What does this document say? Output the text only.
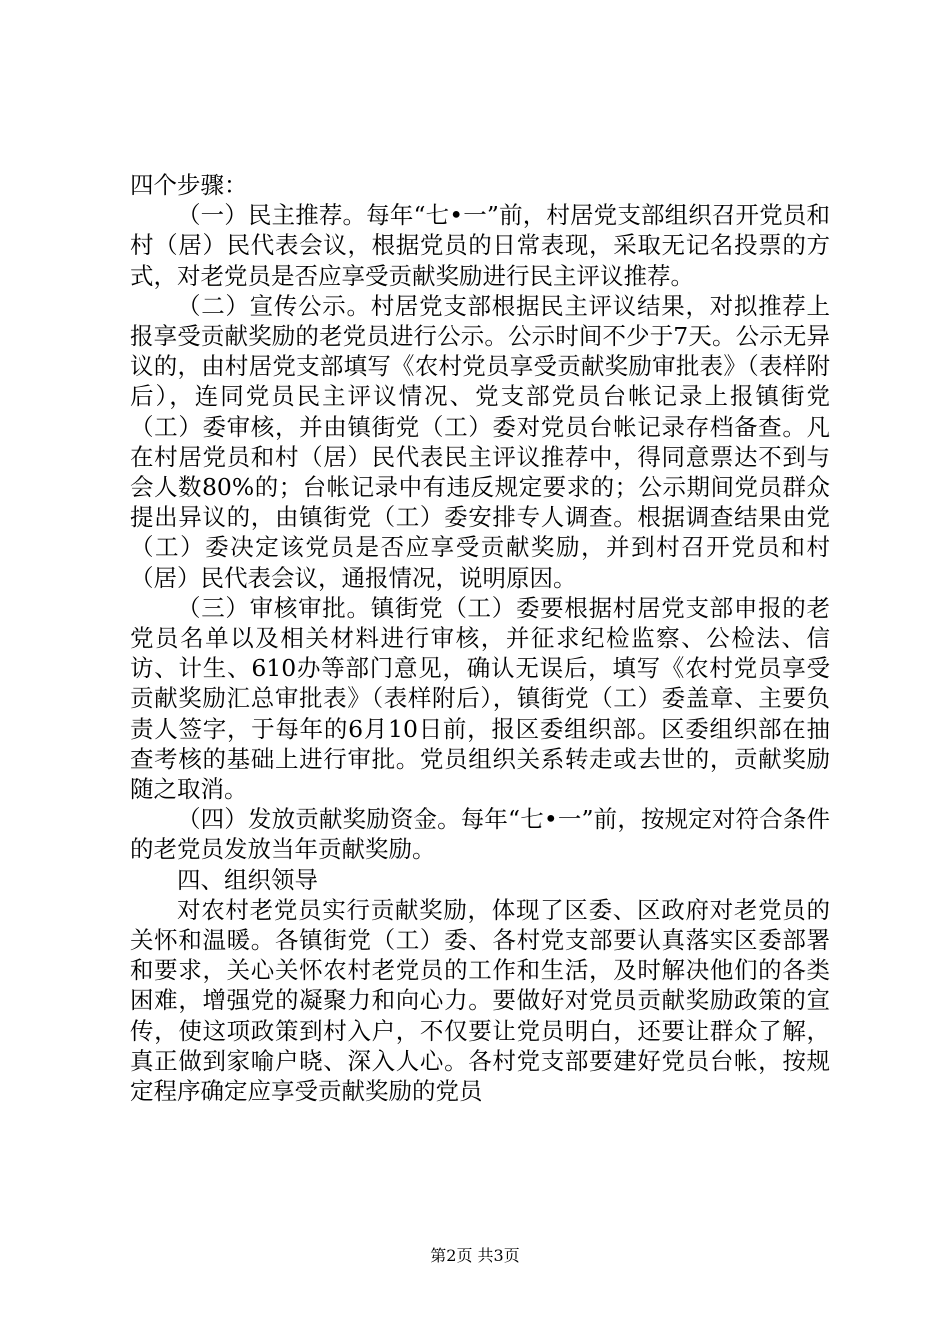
四个步骤：

（一）民主推荐。每年“七•一”前，村居党支部组织召开党员和村（居）民代表会议，根据党员的日常表现，采取无记名投票的方式，对老党员是否应享受贡献奖励进行民主评议推荐。

（二）宣传公示。村居党支部根据民主评议结果，对拟推荐上报享受贡献奖励的老党员进行公示。公示时间不少于7天。公示无异议的，由村居党支部填写《农村党员享受贡献奖励审批表》（表样附后），连同党员民主评议情况、党支部党员台帐记录上报镇街党（工）委审核，并由镇街党（工）委对党员台帐记录存档备查。凡在村居党员和村（居）民代表民主评议推荐中，得同意票达不到与会人数80%的；台帐记录中有违反规定要求的；公示期间党员群众提出异议的，由镇街党（工）委安排专人调查。根据调查结果由党（工）委决定该党员是否应享受贡献奖励，并到村召开党员和村（居）民代表会议，通报情况，说明原因。

（三）审核审批。镇街党（工）委要根据村居党支部申报的老党员名单以及相关材料进行审核，并征求纪检监察、公检法、信访、计生、610办等部门意见，确认无误后，填写《农村党员享受贡献奖励汇总审批表》（表样附后），镇街党（工）委盖章、主要负责人签字，于每年的6月10日前，报区委组织部。区委组织部在抽查考核的基础上进行审批。党员组织关系转走或去世的，贡献奖励随之取消。

（四）发放贡献奖励资金。每年“七•一”前，按规定对符合条件的老党员发放当年贡献奖励。

四、组织领导

对农村老党员实行贡献奖励，体现了区委、区政府对老党员的关怀和温暖。各镇街党（工）委、各村党支部要认真落实区委部署和要求，关心关怀农村老党员的工作和生活，及时解决他们的各类困难，增强党的凝聚力和向心力。要做好对党员贡献奖励政策的宣传，使这项政策到村入户，不仅要让党员明白，还要让群众了解，真正做到家喻户晓、深入人心。各村党支部要建好党员台帐，按规定程序确定应享受贡献奖励的党员

第2页 共3页
